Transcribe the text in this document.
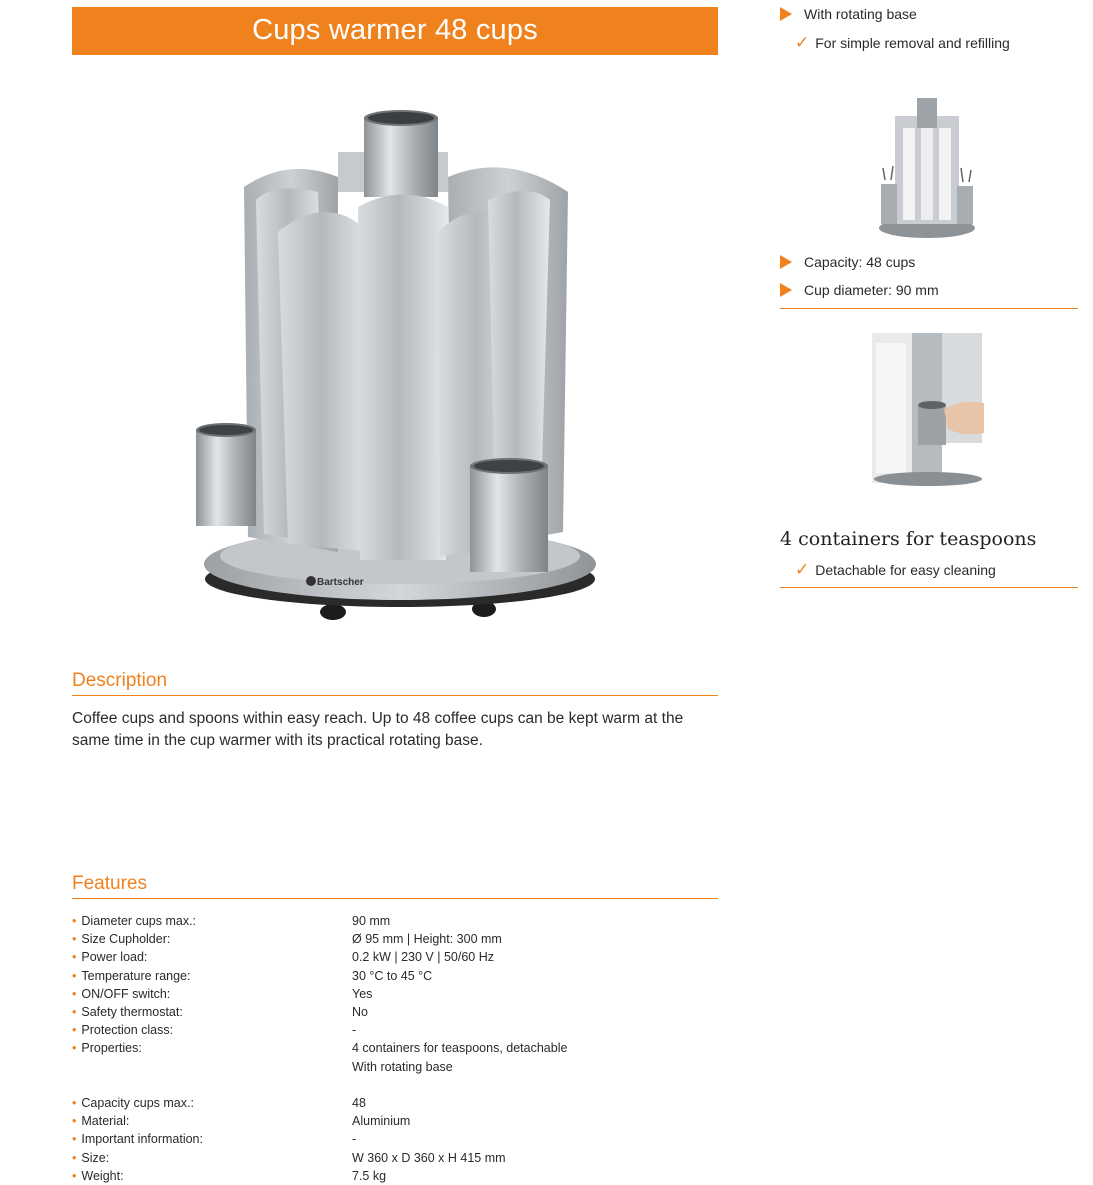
Cups warmer 48 cups
Bartscher
Description
Coffee cups and spoons within easy reach. Up to 48 coffee cups can be kept warm at the same time in the cup warmer with its practical rotating base.
Features
• Diameter cups max.:	90 mm
• Size Cupholder:	Ø 95 mm | Height: 300 mm
• Power load:	0.2 kW | 230 V | 50/60 Hz
• Temperature range:	30 °C to 45 °C
• ON/OFF switch:	Yes
• Safety thermostat:	No
• Protection class:	-
• Properties:	4 containers for teaspoons, detachable
With rotating base
• Capacity cups max.:	48
• Material:	Aluminium
• Important information:	-
• Size:	W 360 x D 360 x H 415 mm
• Weight:	7.5 kg
With rotating base
✓ For simple removal and refilling
Capacity: 48 cups
Cup diameter: 90 mm
4 containers for teaspoons
✓ Detachable for easy cleaning
